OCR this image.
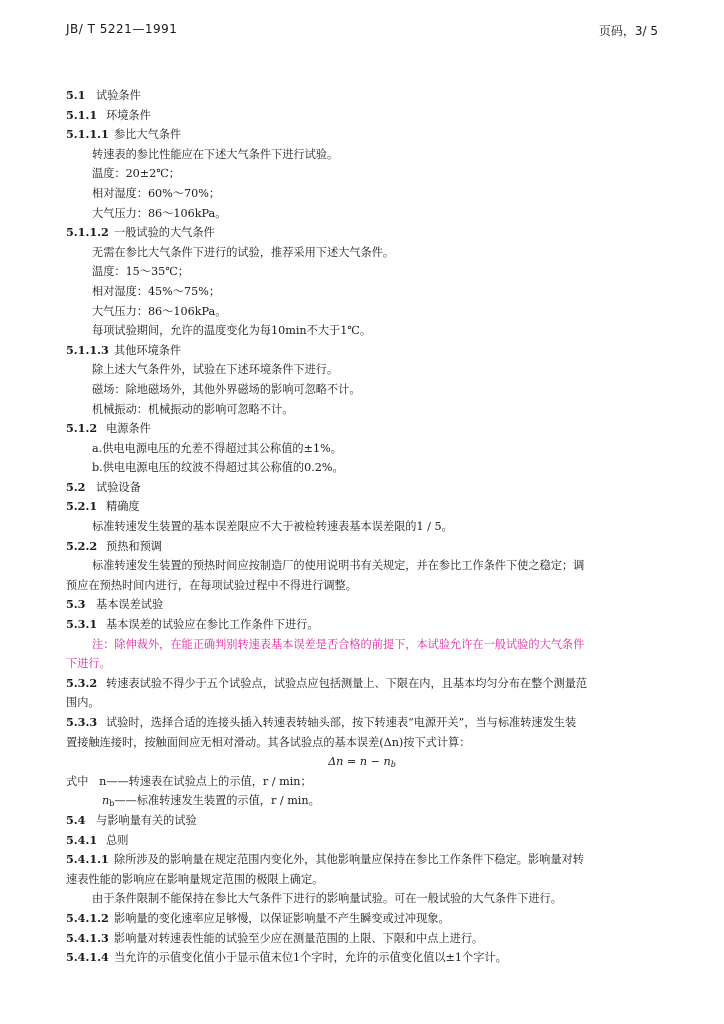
JB/ T 5221—1991	页码，3/ 5
5.1 试验条件
5.1.1 环境条件
5.1.1.1 参比大气条件
转速表的参比性能应在下述大气条件下进行试验。
温度：20±2℃；
相对湿度：60%～70%；
大气压力：86～106kPa。
5.1.1.2 一般试验的大气条件
无需在参比大气条件下进行的试验，推荐采用下述大气条件。
温度：15～35℃；
相对湿度：45%～75%；
大气压力：86～106kPa。
每项试验期间，允许的温度变化为每10min不大于1℃。
5.1.1.3 其他环境条件
除上述大气条件外，试验在下述环境条件下进行。
磁场：除地磁场外，其他外界磁场的影响可忽略不计。
机械振动：机械振动的影响可忽略不计。
5.1.2 电源条件
a.供电电源电压的允差不得超过其公称值的±1%。
b.供电电源电压的纹波不得超过其公称值的0.2%。
5.2 试验设备
5.2.1 精确度
标准转速发生装置的基本误差限应不大于被检转速表基本误差限的1 / 5。
5.2.2 预热和预调
标准转速发生装置的预热时间应按制造厂的使用说明书有关规定，并在参比工作条件下使之稳定；调
预应在预热时间内进行，在每项试验过程中不得进行调整。
5.3 基本误差试验
5.3.1 基本误差的试验应在参比工作条件下进行。
注：除伸裁外，在能正确判别转速表基本误差是否合格的前提下，本试验允许在一般试验的大气条件
下进行。
5.3.2 转速表试验不得少于五个试验点，试验点应包括测量上、下限在内，且基本均匀分布在整个测量范
围内。
5.3.3 试验时，选择合适的连接头插入转速表转轴头部，按下转速表“电源开关”，当与标准转速发生装
置接触连接时，按触面间应无相对滑动。其各试验点的基本误差(Δn)按下式计算：
$\Delta n = n - n_b$
式中 n——转速表在试验点上的示值，r / min；
$n_b——$标准转速发生装置的示值，r / min。
5.4 与影响量有关的试验
5.4.1 总则
5.4.1.1 除所涉及的影响量在规定范围内变化外，其他影响量应保持在参比工作条件下稳定。影响量对转
速表性能的影响应在影响量规定范围的极限上确定。
由于条件限制不能保持在参比大气条件下进行的影响量试验。可在一般试验的大气条件下进行。
5.4.1.2 影响量的变化速率应足够慢，以保证影响量不产生瞬变或过冲现象。
5.4.1.3 影响量对转速表性能的试验至少应在测量范围的上限、下限和中点上进行。
5.4.1.4 当允许的示值变化值小于显示值末位1个字时，允许的示值变化值以±1个字计。
